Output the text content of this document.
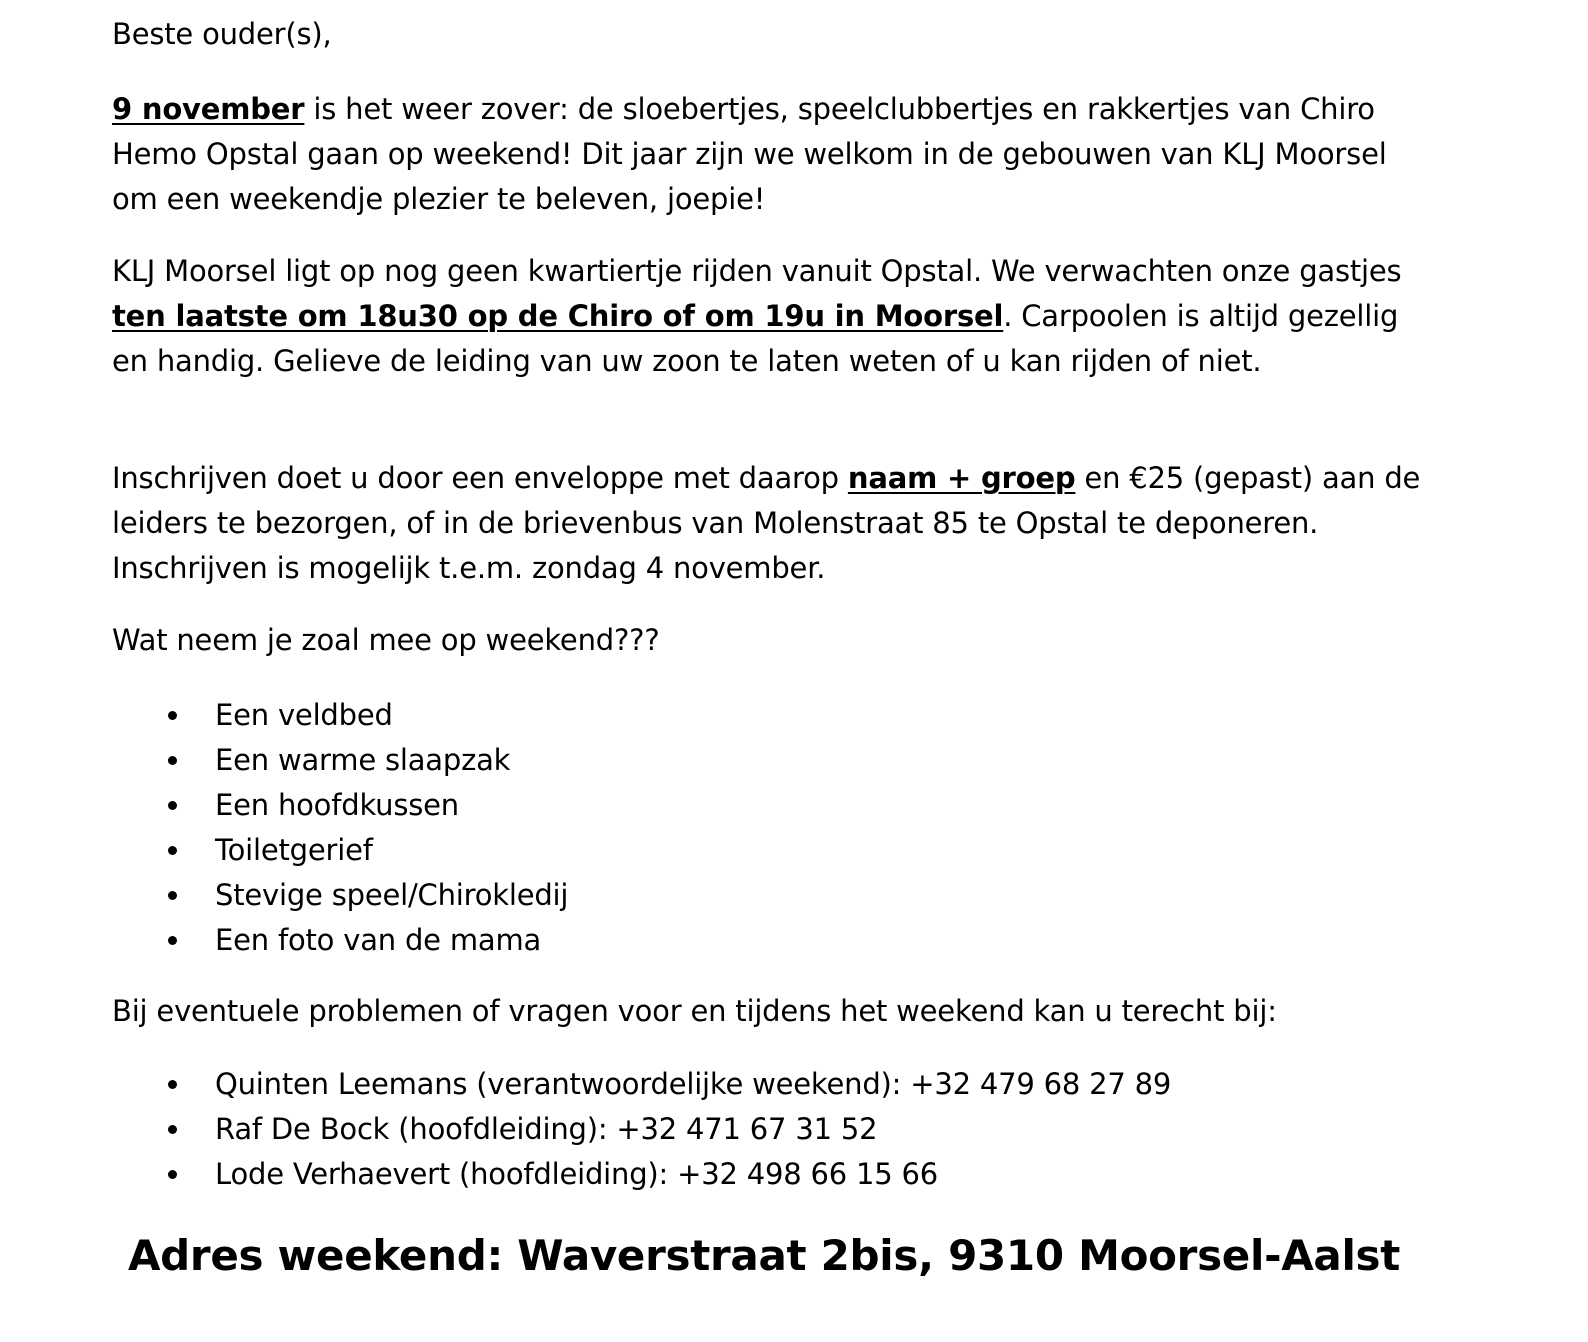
Beste ouder(s),

9 november is het weer zover: de sloebertjes, speelclubbertjes en rakkertjes van Chiro Hemo Opstal gaan op weekend! Dit jaar zijn we welkom in de gebouwen van KLJ Moorsel om een weekendje plezier te beleven, joepie!

KLJ Moorsel ligt op nog geen kwartiertje rijden vanuit Opstal. We verwachten onze gastjes ten laatste om 18u30 op de Chiro of om 19u in Moorsel. Carpoolen is altijd gezellig en handig. Gelieve de leiding van uw zoon te laten weten of u kan rijden of niet.

Inschrijven doet u door een enveloppe met daarop naam + groep en €25 (gepast) aan de leiders te bezorgen, of in de brievenbus van Molenstraat 85 te Opstal te deponeren. Inschrijven is mogelijk t.e.m. zondag 4 november.

Wat neem je zoal mee op weekend???

Een veldbed
Een warme slaapzak
Een hoofdkussen
Toiletgerief
Stevige speel/Chirokledij
Een foto van de mama

Bij eventuele problemen of vragen voor en tijdens het weekend kan u terecht bij:

Quinten Leemans (verantwoordelijke weekend): +32 479 68 27 89
Raf De Bock (hoofdleiding): +32 471 67 31 52
Lode Verhaevert (hoofdleiding): +32 498 66 15 66
Adres weekend: Waverstraat 2bis, 9310 Moorsel-Aalst
